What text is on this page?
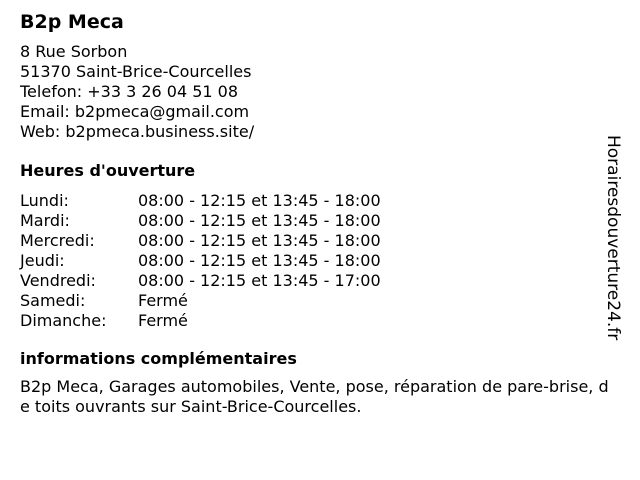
B2p Meca
8 Rue Sorbon
51370 Saint-Brice-Courcelles
Telefon: +33 3 26 04 51 08
Email: b2pmeca@gmail.com
Web: b2pmeca.business.site/
Heures d'ouverture
Lundi:	08:00 - 12:15 et 13:45 - 18:00
Mardi:	08:00 - 12:15 et 13:45 - 18:00
Mercredi:	08:00 - 12:15 et 13:45 - 18:00
Jeudi:	08:00 - 12:15 et 13:45 - 18:00
Vendredi:	08:00 - 12:15 et 13:45 - 17:00
Samedi:	Fermé
Dimanche:	Fermé
informations complémentaires
B2p Meca, Garages automobiles, Vente, pose, réparation de pare-brise, de toits ouvrants sur Saint-Brice-Courcelles.
Horairesdouverture24.fr
